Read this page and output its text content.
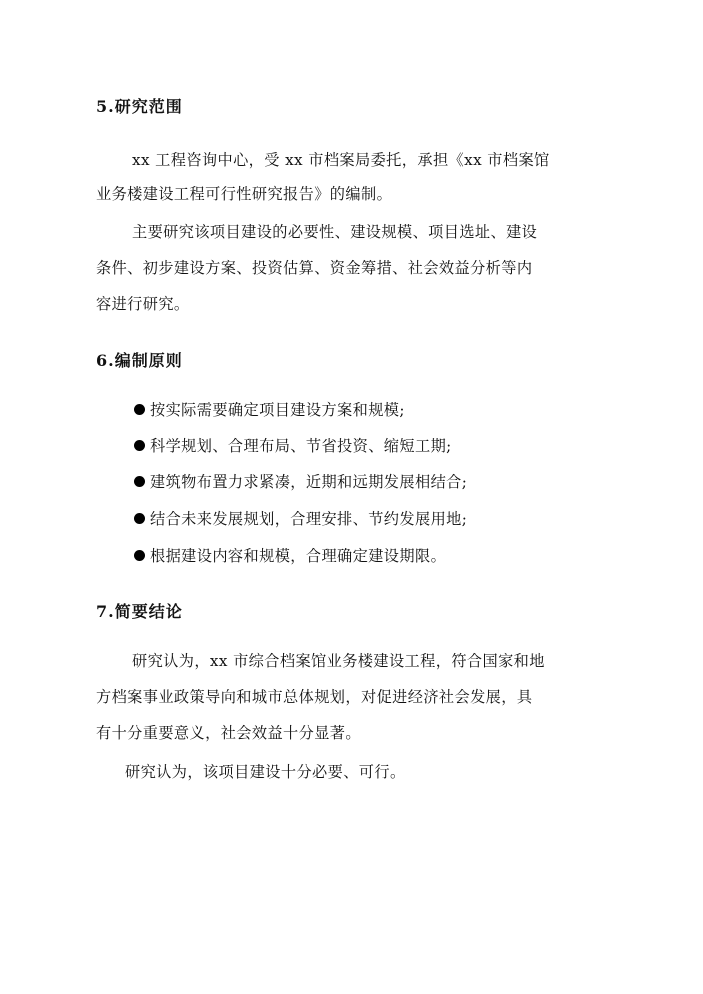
5.研究范围
xx 工程咨询中心，受 xx 市档案局委托，承担《xx 市档案馆
业务楼建设工程可行性研究报告》的编制。
主要研究该项目建设的必要性、建设规模、项目选址、建设
条件、初步建设方案、投资估算、资金筹措、社会效益分析等内
容进行研究。
6.编制原则
按实际需要确定项目建设方案和规模;
科学规划、合理布局、节省投资、缩短工期;
建筑物布置力求紧凑，近期和远期发展相结合;
结合未来发展规划，合理安排、节约发展用地;
根据建设内容和规模，合理确定建设期限。
7.简要结论
研究认为，xx 市综合档案馆业务楼建设工程，符合国家和地
方档案事业政策导向和城市总体规划，对促进经济社会发展，具
有十分重要意义，社会效益十分显著。
研究认为，该项目建设十分必要、可行。
